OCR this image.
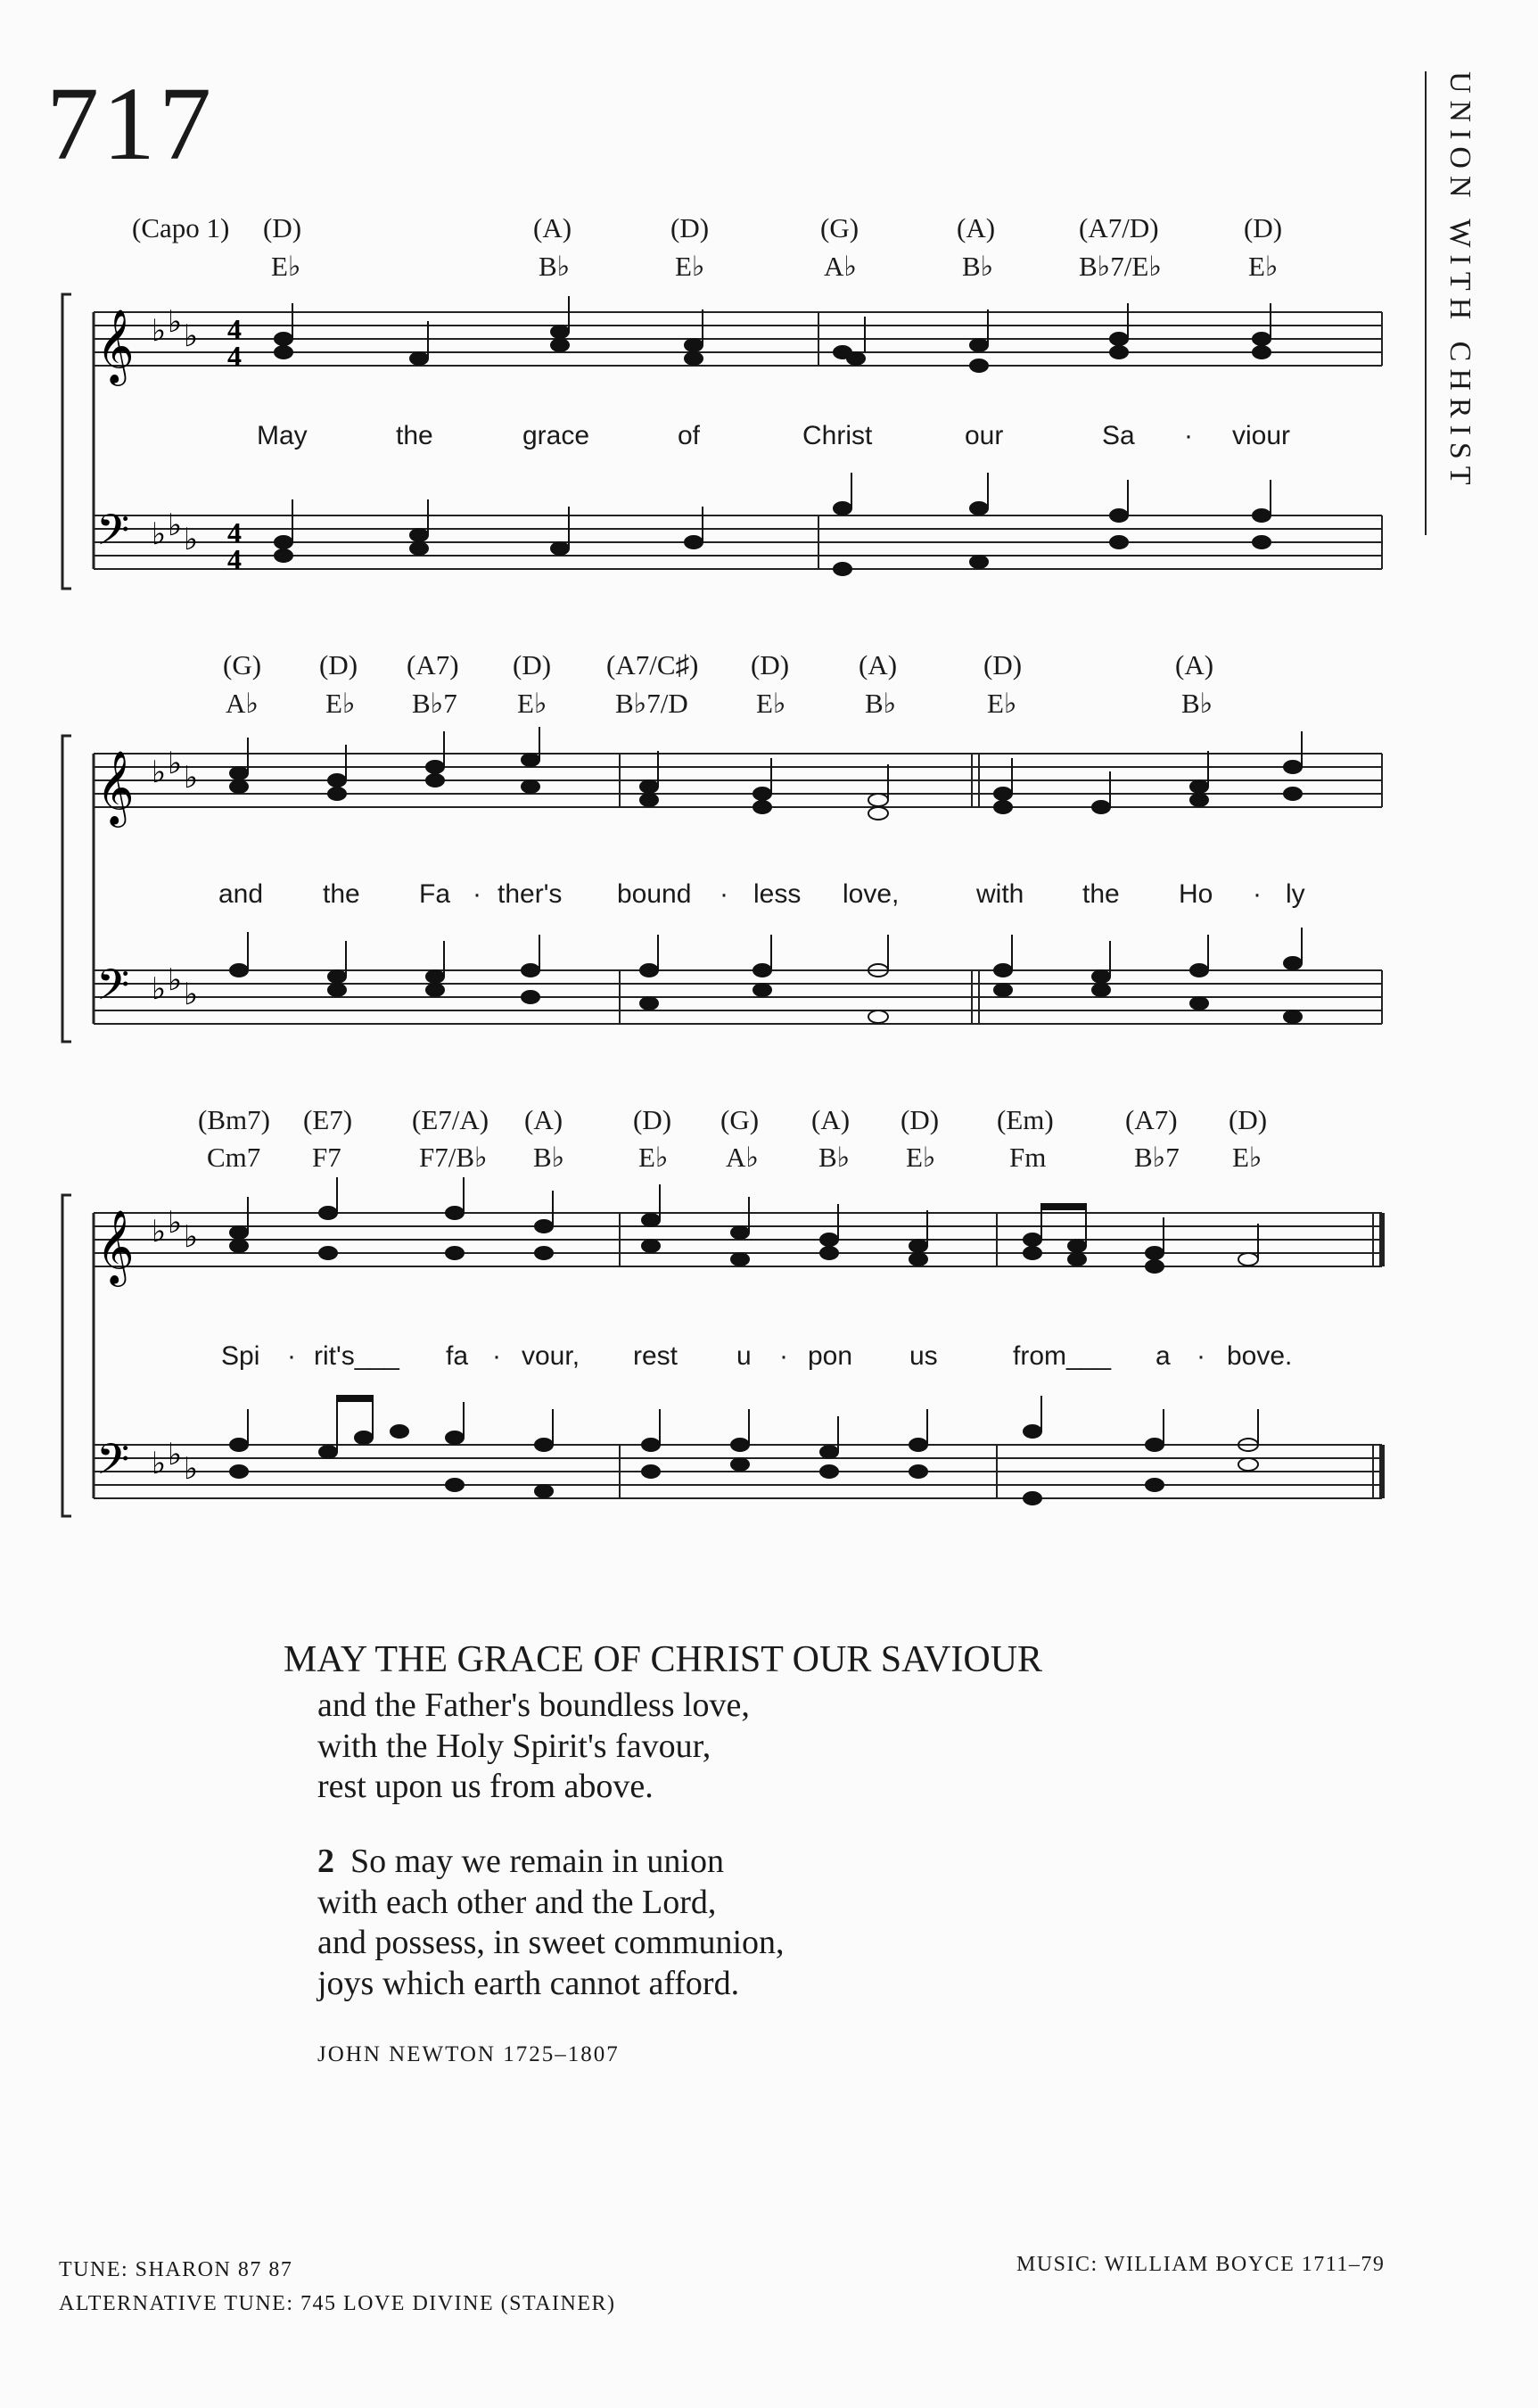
717	UNION WITH CHRIST
(Capo 1) (D)	(A)	(D)	(G)	(A)	(A7/D)	(D)
E♭	B♭	E♭	A♭	B♭	B♭7/E♭	E♭
𝄞
𝄢
♭ ♭ ♭
♭ ♭ ♭
4
4
4
4
May	the	grace	of	Christ	our	Sa · viour
(G) (D) (A7) (D) (A7/C♯) (D)	(A)	(D)	(A)
A♭ E♭ B♭7 E♭ B♭7/D E♭	B♭	E♭	B♭
𝄞
𝄢
♭ ♭ ♭
♭ ♭ ♭
and the Fa · ther's bound · less love,	with the Ho · ly
(Bm7) (E7) (E7/A) (A)	(D) (G) (A) (D) (Em)	(A7) (D)
Cm7 F7	F7/B♭ B♭	E♭ A♭ B♭ E♭	Fm	B♭7 E♭
𝄞
𝄢
♭ ♭ ♭
♭ ♭ ♭
Spi · rit's___ fa · vour, rest u · pon us	from___ a · bove.
MAY THE GRACE OF CHRIST OUR SAVIOUR
and the Father's boundless love,
with the Holy Spirit's favour,
rest upon us from above.
2 So may we remain in union
with each other and the Lord,
and possess, in sweet communion,
joys which earth cannot afford.
JOHN NEWTON 1725–1807
TUNE: SHARON 87 87
ALTERNATIVE TUNE: 745 LOVE DIVINE (STAINER)
MUSIC: WILLIAM BOYCE 1711–79
